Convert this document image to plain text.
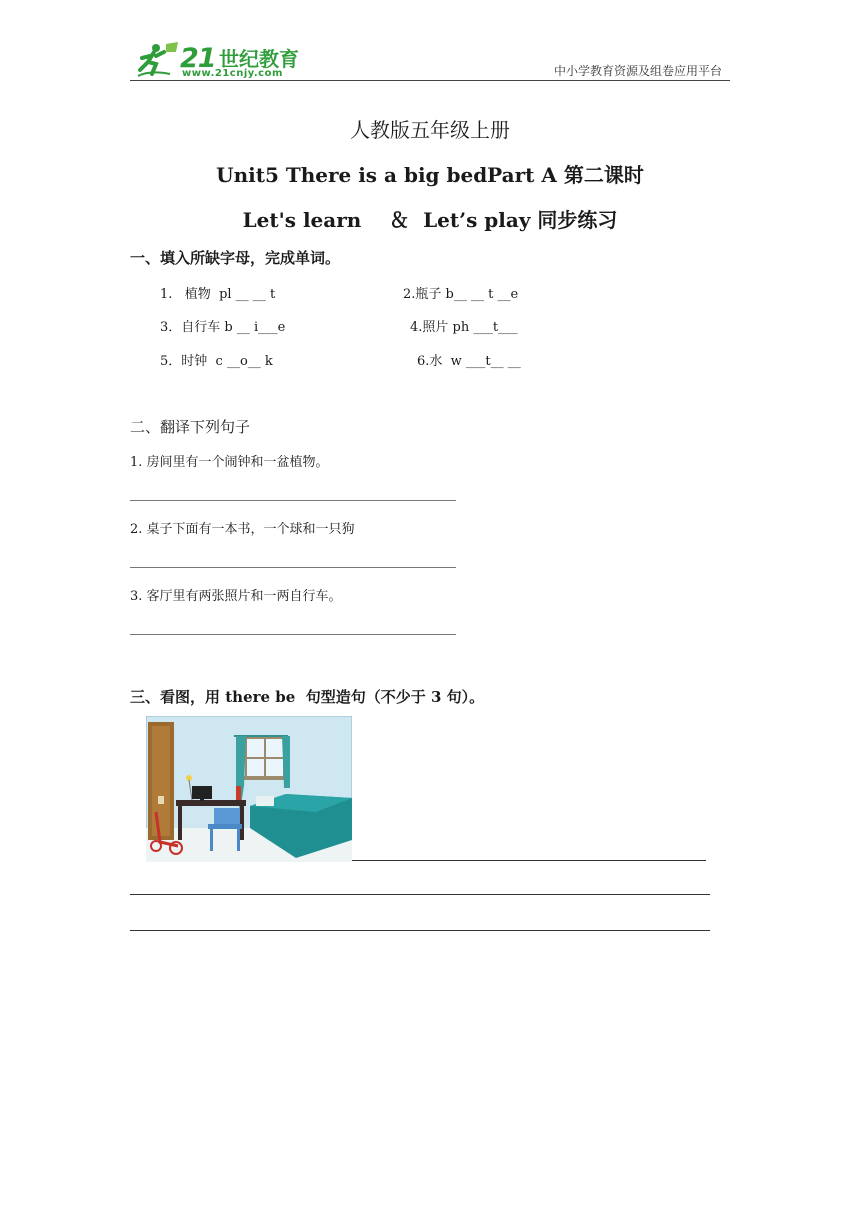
21 世纪教育
www.21cnjy.com	中小学教育资源及组卷应用平台
人教版五年级上册
Unit5 There is a big bedPart A 第二课时
Let's learn    ＆  Let’s play 同步练习
一、填入所缺字母，完成单词。
1.   植物  pl __ __ t	2.瓶子 b__ __ t __e
3．自行车 b __ i___e	4.照片 ph ___t___
5．时钟  c __o__ k	6.水  w ___t__ __
二、翻译下列句子
1. 房间里有一个闹钟和一盆植物。
2. 桌子下面有一本书，一个球和一只狗
3. 客厅里有两张照片和一两自行车。
三、看图，用 there be  句型造句（不少于 3 句）。
